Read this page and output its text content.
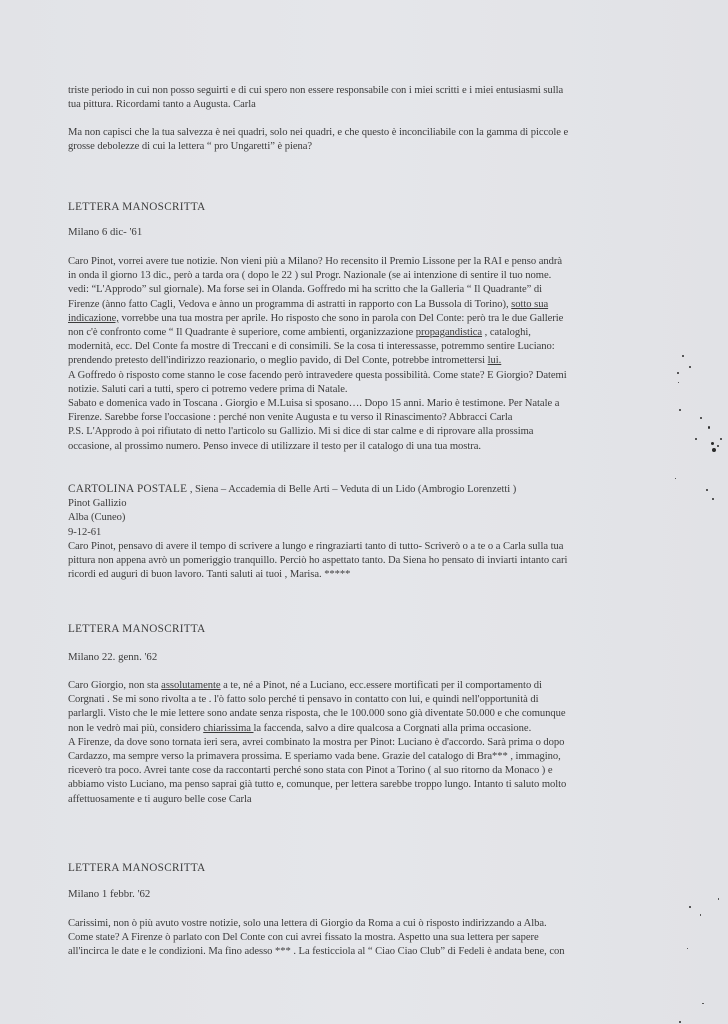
triste periodo in cui non posso seguirti e di cui spero non essere responsabile con i miei scritti e i miei entusiasmi sulla

tua pittura. Ricordami tanto a Augusta. Carla

Ma non capisci che la tua salvezza è nei quadri, solo nei quadri, e che questo è inconciliabile con la gamma di piccole e

grosse debolezze di cui la lettera “ pro Ungaretti” è piena?

LETTERA MANOSCRITTA
Milano 6 dic- '61

Caro Pinot, vorrei avere tue notizie. Non vieni più a Milano? Ho recensito il Premio Lissone per la RAI e penso andrà

in onda il giorno 13 dic., però a tarda ora ( dopo le 22 ) sul Progr. Nazionale (se ai intenzione di sentire il tuo nome.

vedi: “L'Approdo” sul giornale). Ma forse sei in Olanda. Goffredo mi ha scritto che la Galleria “ Il Quadrante” di

Firenze (ànno fatto Cagli, Vedova e ànno un programma di astratti in rapporto con La Bussola di Torino), sotto sua

indicazione, vorrebbe una tua mostra per aprile. Ho risposto che sono in parola con Del Conte: però tra le due Gallerie

non c'è confronto come “ Il Quadrante è superiore, come ambienti, organizzazione propagandistica , cataloghi,

modernità, ecc. Del Conte fa mostre di Treccani e di consimili. Se la cosa ti interessasse, potremmo sentire Luciano:

prendendo pretesto dell'indirizzo reazionario, o meglio pavido, di Del Conte, potrebbe intromettersi lui.

A Goffredo ò risposto come stanno le cose facendo però intravedere questa possibilità. Come state? E Giorgio? Datemi

notizie. Saluti cari a tutti, spero ci potremo vedere prima di Natale.

Sabato e domenica vado in Toscana . Giorgio e M.Luisa si sposano…. Dopo 15 anni. Mario è testimone. Per Natale a

Firenze. Sarebbe forse l'occasione : perché non venite Augusta e tu verso il Rinascimento? Abbracci Carla

P.S. L'Approdo à poi rifiutato di netto l'articolo su Gallizio. Mi si dice di star calme e di riprovare alla prossima

occasione, al prossimo numero. Penso invece di utilizzare il testo per il catalogo di una tua mostra.

CARTOLINA POSTALE , Siena – Accademia di Belle Arti – Veduta di un Lido (Ambrogio Lorenzetti )

Pinot Gallizio

Alba (Cuneo)

9-12-61

Caro Pinot, pensavo di avere il tempo di scrivere a lungo e ringraziarti tanto di tutto- Scriverò o a te o a Carla sulla tua

pittura non appena avrò un pomeriggio tranquillo. Perciò ho aspettato tanto. Da Siena ho pensato di inviarti intanto cari

ricordi ed auguri di buon lavoro. Tanti saluti ai tuoi , Marisa. *****

LETTERA MANOSCRITTA
Milano 22. genn. '62

Caro Giorgio, non sta assolutamente a te, né a Pinot, né a Luciano, ecc.essere mortificati per il comportamento di

Corgnati . Se mi sono rivolta a te . l'ò fatto solo perché ti pensavo in contatto con lui, e quindi nell'opportunità di

parlargli. Visto che le mie lettere sono andate senza risposta, che le 100.000 sono già diventate 50.000 e che comunque

non le vedrò mai più, considero chiarissima la faccenda, salvo a dire qualcosa a Corgnati alla prima occasione.

A Firenze, da dove sono tornata ieri sera, avrei combinato la mostra per Pinot: Luciano è d'accordo. Sarà prima o dopo

Cardazzo, ma sempre verso la primavera prossima. E speriamo vada bene. Grazie del catalogo di Bra*** , immagino,

riceverò tra poco. Avrei tante cose da raccontarti perché sono stata con Pinot a Torino ( al suo ritorno da Monaco ) e

abbiamo visto Luciano, ma penso saprai già tutto e, comunque, per lettera sarebbe troppo lungo. Intanto ti saluto molto

affettuosamente e ti auguro belle cose Carla

LETTERA MANOSCRITTA
Milano 1 febbr. '62

Carissimi, non ò più avuto vostre notizie, solo una lettera di Giorgio da Roma a cui ò risposto indirizzando a Alba.

Come state? A Firenze ò parlato con Del Conte con cui avrei fissato la mostra. Aspetto una sua lettera per sapere

all'incirca le date e le condizioni. Ma fino adesso *** . La festicciola al “ Ciao Ciao Club” di Fedeli è andata bene, con
